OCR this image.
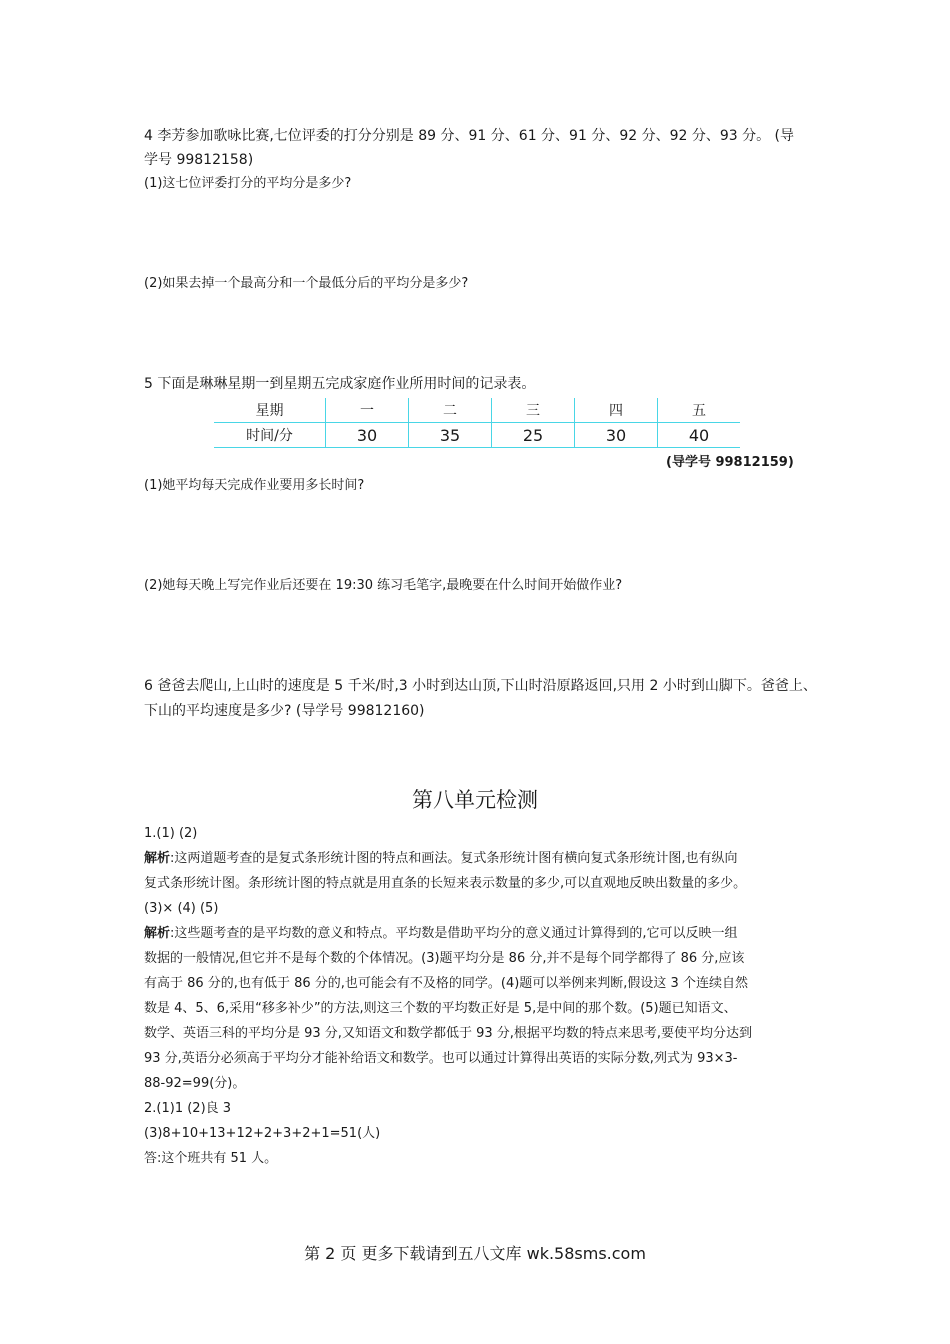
4 李芳参加歌咏比赛,七位评委的打分分别是 89 分、91 分、61 分、91 分、92 分、92 分、93 分。 (导
学号 99812158)
(1)这七位评委打分的平均分是多少?
(2)如果去掉一个最高分和一个最低分后的平均分是多少?
5 下面是琳琳星期一到星期五完成家庭作业所用时间的记录表。
星期	一	二	三	四	五
时间/分	30	35	25	30	40
(导学号 99812159)
(1)她平均每天完成作业要用多长时间?
(2)她每天晚上写完作业后还要在 19:30 练习毛笔字,最晚要在什么时间开始做作业?
6 爸爸去爬山,上山时的速度是 5 千米/时,3 小时到达山顶,下山时沿原路返回,只用 2 小时到山脚下。爸爸上、
下山的平均速度是多少? (导学号 99812160)
第八单元检测
1.(1) (2)
解析:这两道题考查的是复式条形统计图的特点和画法。复式条形统计图有横向复式条形统计图,也有纵向
复式条形统计图。条形统计图的特点就是用直条的长短来表示数量的多少,可以直观地反映出数量的多少。
(3)× (4) (5)
解析:这些题考查的是平均数的意义和特点。平均数是借助平均分的意义通过计算得到的,它可以反映一组
数据的一般情况,但它并不是每个数的个体情况。(3)题平均分是 86 分,并不是每个同学都得了 86 分,应该
有高于 86 分的,也有低于 86 分的,也可能会有不及格的同学。(4)题可以举例来判断,假设这 3 个连续自然
数是 4、5、6,采用“移多补少”的方法,则这三个数的平均数正好是 5,是中间的那个数。(5)题已知语文、
数学、英语三科的平均分是 93 分,又知语文和数学都低于 93 分,根据平均数的特点来思考,要使平均分达到
93 分,英语分必须高于平均分才能补给语文和数学。也可以通过计算得出英语的实际分数,列式为 93×3-
88-92=99(分)。
2.(1)1 (2)良 3
(3)8+10+13+12+2+3+2+1=51(人)
答:这个班共有 51 人。
第 2 页 更多下载请到五八文库 wk.58sms.com
